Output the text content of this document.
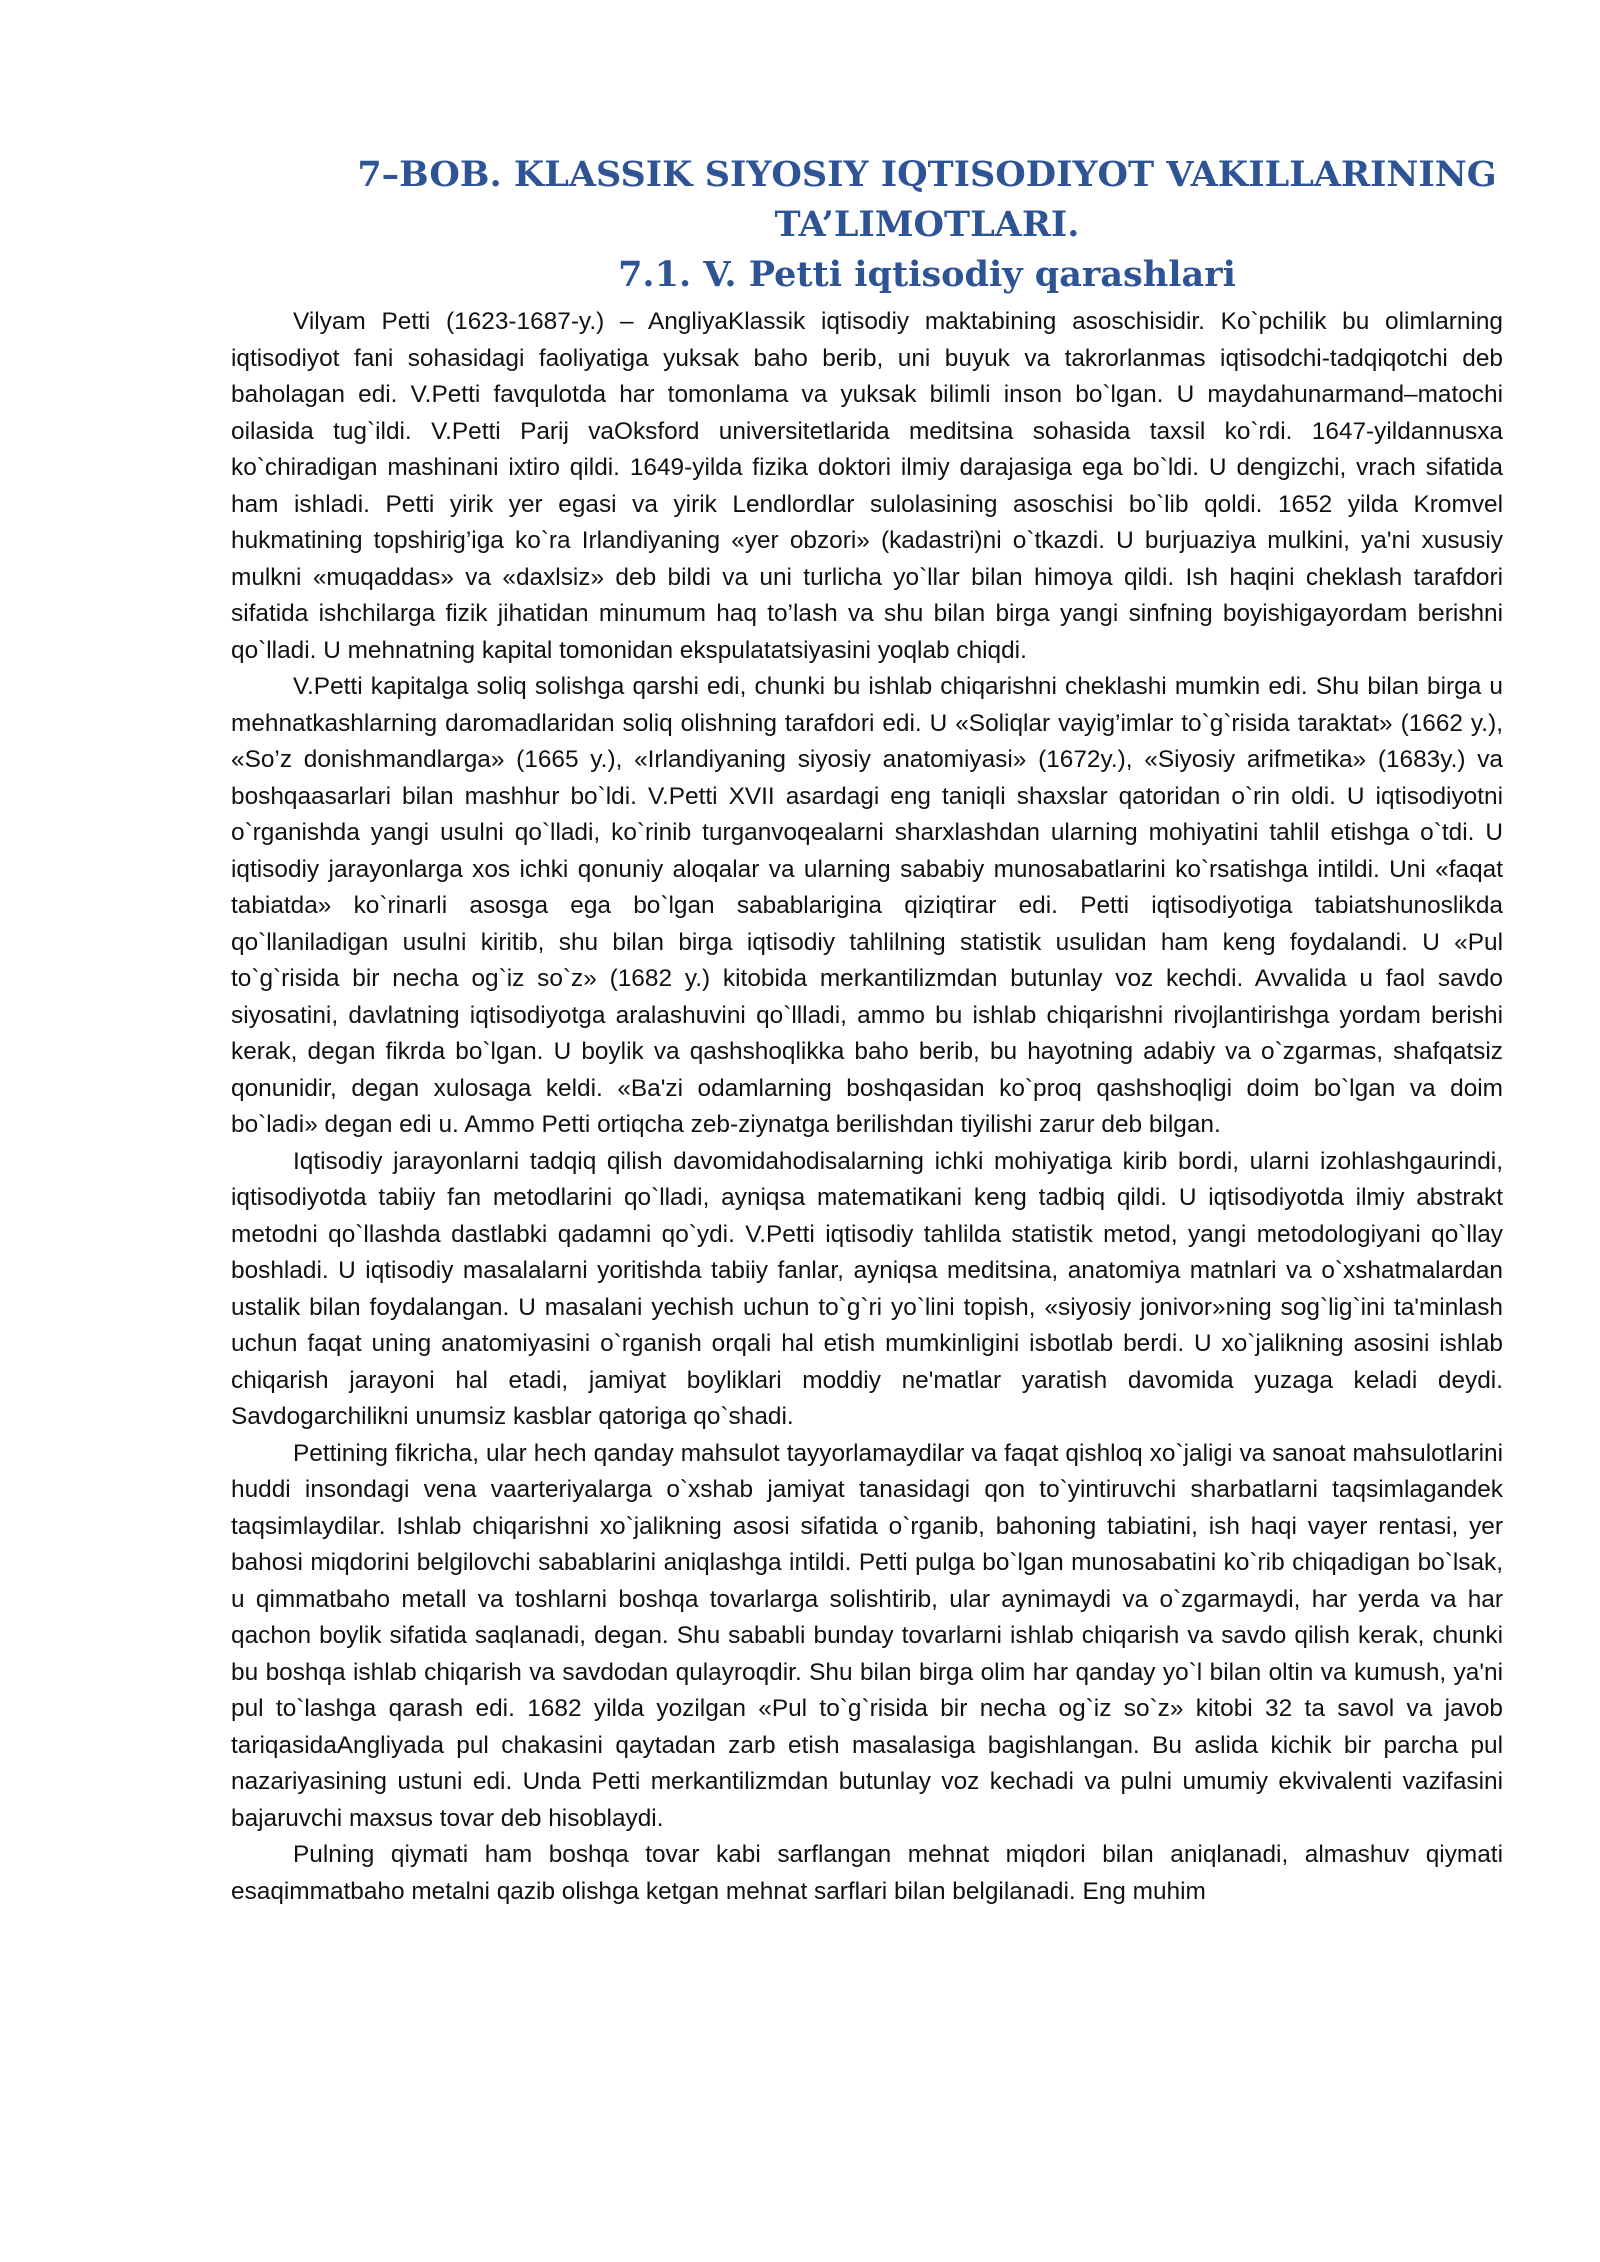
7–BOB. KLASSIK SIYOSIY IQTISODIYOT VAKILLARINING
TA’LIMOTLARI.
7.1. V. Petti iqtisodiy qarashlari

Vilyam Petti (1623-1687-y.) – AngliyaKlassik iqtisodiy maktabining asoschisidir. Ko`pchilik bu olimlarning iqtisodiyot fani sohasidagi faoliyatiga yuksak baho berib, uni buyuk va takrorlanmas iqtisodchi-tadqiqotchi deb baholagan edi. V.Petti favqulotda har tomonlama va yuksak bilimli inson bo`lgan. U maydahunarmand–matochi oilasida tug`ildi. V.Petti Parij vaOksford universitetlarida meditsina sohasida taxsil ko`rdi. 1647-yildannusxa ko`chiradigan mashinani ixtiro qildi. 1649-yilda fizika doktori ilmiy darajasiga ega bo`ldi. U dengizchi, vrach sifatida ham ishladi. Petti yirik yer egasi va yirik Lendlordlar sulolasining asoschisi bo`lib qoldi. 1652 yilda Kromvel hukmatining topshirig’iga ko`ra Irlandiyaning «yer obzori» (kadastri)ni o`tkazdi. U burjuaziya mulkini, ya'ni xususiy mulkni «muqaddas» va «daxlsiz» deb bildi va uni turlicha yo`llar bilan himoya qildi. Ish haqini cheklash tarafdori sifatida ishchilarga fizik jihatidan minumum haq to’lash va shu bilan birga yangi sinfning boyishigayordam berishni qo`lladi. U mehnatning kapital tomonidan ekspulatatsiyasini yoqlab chiqdi.

V.Petti kapitalga soliq solishga qarshi edi, chunki bu ishlab chiqarishni cheklashi mumkin edi. Shu bilan birga u mehnatkashlarning daromadlaridan soliq olishning tarafdori edi. U «Soliqlar vayig’imlar to`g`risida taraktat» (1662 y.), «So’z donishmandlarga» (1665 y.), «Irlandiyaning siyosiy anatomiyasi» (1672y.), «Siyosiy arifmetika» (1683y.) va boshqaasarlari bilan mashhur bo`ldi. V.Petti XVII asardagi eng taniqli shaxslar qatoridan o`rin oldi. U iqtisodiyotni o`rganishda yangi usulni qo`lladi, ko`rinib turganvoqealarni sharxlashdan ularning mohiyatini tahlil etishga o`tdi. U iqtisodiy jarayonlarga xos ichki qonuniy aloqalar va ularning sababiy munosabatlarini ko`rsatishga intildi. Uni «faqat tabiatda» ko`rinarli asosga ega bo`lgan sabablarigina qiziqtirar edi. Petti iqtisodiyotiga tabiatshunoslikda qo`llaniladigan usulni kiritib, shu bilan birga iqtisodiy tahlilning statistik usulidan ham keng foydalandi. U «Pul to`g`risida bir necha og`iz so`z» (1682 y.) kitobida merkantilizmdan butunlay voz kechdi. Avvalida u faol savdo siyosatini, davlatning iqtisodiyotga aralashuvini qo`llladi, ammo bu ishlab chiqarishni rivojlantirishga yordam berishi kerak, degan fikrda bo`lgan. U boylik va qashshoqlikka baho berib, bu hayotning adabiy va o`zgarmas, shafqatsiz qonunidir, degan xulosaga keldi. «Ba'zi odamlarning boshqasidan ko`proq qashshoqligi doim bo`lgan va doim bo`ladi» degan edi u. Ammo Petti ortiqcha zeb-ziynatga berilishdan tiyilishi zarur deb bilgan.

Iqtisodiy jarayonlarni tadqiq qilish davomidahodisalarning ichki mohiyatiga kirib bordi, ularni izohlashgaurindi, iqtisodiyotda tabiiy fan metodlarini qo`lladi, ayniqsa matematikani keng tadbiq qildi. U iqtisodiyotda ilmiy abstrakt metodni qo`llashda dastlabki qadamni qo`ydi. V.Petti iqtisodiy tahlilda statistik metod, yangi metodologiyani qo`llay boshladi. U iqtisodiy masalalarni yoritishda tabiiy fanlar, ayniqsa meditsina, anatomiya matnlari va o`xshatmalardan ustalik bilan foydalangan. U masalani yechish uchun to`g`ri yo`lini topish, «siyosiy jonivor»ning sog`lig`ini ta'minlash uchun faqat uning anatomiyasini o`rganish orqali hal etish mumkinligini isbotlab berdi. U xo`jalikning asosini ishlab chiqarish jarayoni hal etadi, jamiyat boyliklari moddiy ne'matlar yaratish davomida yuzaga keladi deydi. Savdogarchilikni unumsiz kasblar qatoriga qo`shadi.

Pettining fikricha, ular hech qanday mahsulot tayyorlamaydilar va faqat qishloq xo`jaligi va sanoat mahsulotlarini huddi insondagi vena vaarteriyalarga o`xshab jamiyat tanasidagi qon to`yintiruvchi sharbatlarni taqsimlagandek taqsimlaydilar. Ishlab chiqarishni xo`jalikning asosi sifatida o`rganib, bahoning tabiatini, ish haqi vayer rentasi, yer bahosi miqdorini belgilovchi sabablarini aniqlashga intildi. Petti pulga bo`lgan munosabatini ko`rib chiqadigan bo`lsak, u qimmatbaho metall va toshlarni boshqa tovarlarga solishtirib, ular aynimaydi va o`zgarmaydi, har yerda va har qachon boylik sifatida saqlanadi, degan. Shu sababli bunday tovarlarni ishlab chiqarish va savdo qilish kerak, chunki bu boshqa ishlab chiqarish va savdodan qulayroqdir. Shu bilan birga olim har qanday yo`l bilan oltin va kumush, ya'ni pul to`lashga qarash edi. 1682 yilda yozilgan «Pul to`g`risida bir necha og`iz so`z» kitobi 32 ta savol va javob tariqasidaAngliyada pul chakasini qaytadan zarb etish masalasiga bagishlangan. Bu aslida kichik bir parcha pul nazariyasining ustuni edi. Unda Petti merkantilizmdan butunlay voz kechadi va pulni umumiy ekvivalenti vazifasini bajaruvchi maxsus tovar deb hisoblaydi.

Pulning qiymati ham boshqa tovar kabi sarflangan mehnat miqdori bilan aniqlanadi, almashuv qiymati esaqimmatbaho metalni qazib olishga ketgan mehnat sarflari bilan belgilanadi. Eng muhim
